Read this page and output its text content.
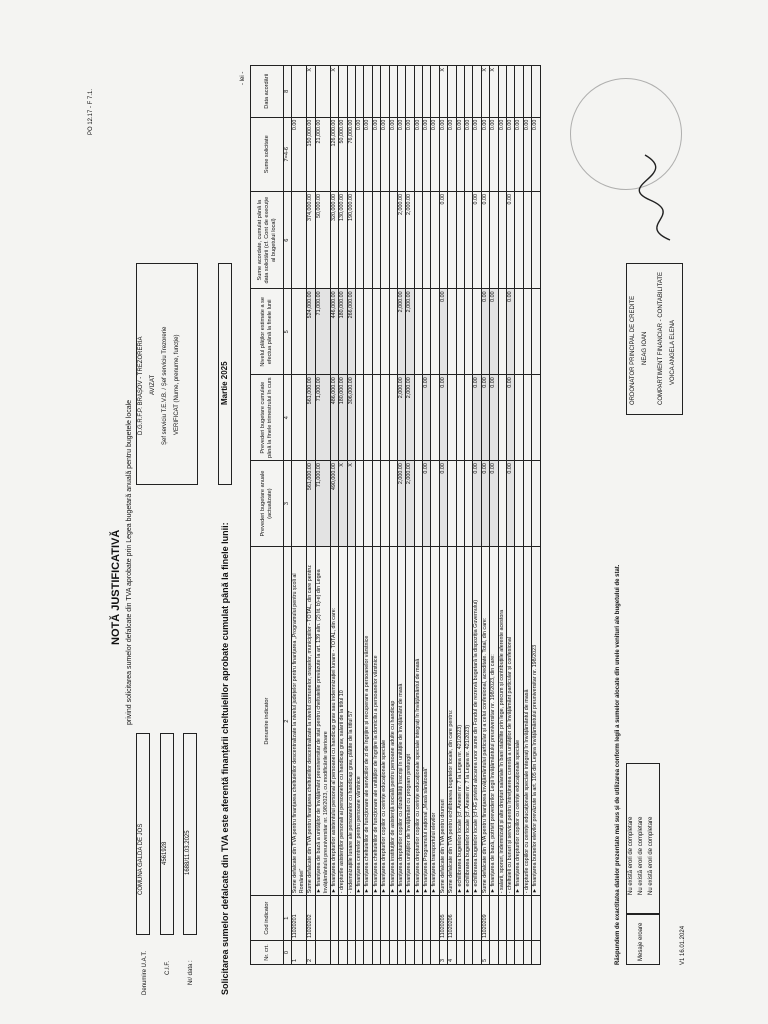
PO 12.17 - F 7.1.
NOTĂ JUSTIFICATIVĂ privind solicitarea sumelor defalcate din TVA aprobate prin Legea bugetară anuală pentru bugetele locale
Denumire U.A.T.
COMUNA GALDA DE JOS
C.I.F.
4561928
Nr/ data :
1688/11.03.2025
D.G.R.F.P. BRAȘOV - TREZORERIA AVIZAT Șef serviciu T.E.V.B. / Șef serviciu Trezorerie VERIFICAT (Nume, prenume, funcție)
Solicitarea sumelor defalcate din TVA este aferentă finanțării cheltuielilor aprobate cumulat până la finele lunii:
Martie 2025
- lei -
Nr. crt.	Cod indicator	Denumire indicator	Prevederi bugetare anuale (actualizate)	Prevederi bugetare cumulate până la finele trimestrului în curs	Nivelul plăților estimate a se efectua până la finele lunii	Sume acordate, cumulat până la data solicitării (cf. Cont de execuție al bugetului local)	Sume solicitate	Data acordării
0	1	2	3	4	5	6	7=4-6	8
1	11020201	Sume defalcate din TVA pentru finanțarea cheltuielilor descentralizate la nivelul județelor pentru finanțarea „Programului pentru școli al României”					0.00	
2	11020202	Sume defalcate din TVA pentru finanțarea cheltuielilor descentralizate la nivelul comunelor, orașelor, municipiilor - TOTAL, din care pentru:	561,000.00	561,000.00	524,000.00	374,000.00	150,000.00	X
		► finanțarea de bază a unităților de învățământ preuniversitar de stat pentru cheltuielile prevăzute la art. 139 alin. (2) lit. b)-e) din Legea învățământului preuniversitar nr. 198/2023, cu modificările ulterioare	71,000.00	71,000.00	71,000.00	50,000.00	21,000.00	
		► finanțarea drepturilor asistentului personal al persoanei cu handicap grav sau indemnizației lunare - TOTAL, din care:	490,000.00	486,000.00	446,000.00	320,000.00	126,000.00	X
		- drepturile asistenților personali ai persoanelor cu handicap grav, salarii de la titlul 10	X	180,000.00	180,000.00	130,000.00	50,000.00	
		- indemnizațiile lunare ale persoanelor cu handicap grav, plătite de la titlul 57	X	306,000.00	266,000.00	190,000.00	76,000.00	
		► finanțarea centrelor pentru persoane vârstnice					0.00	
		► finanțarea cheltuielilor de funcționare ale serviciilor de zi de îngrijire și recuperare a persoanelor vârstnice					0.00	
		► finanțarea cheltuielilor de funcționare ale unităților de îngrijire la domiciliu a persoanelor vârstnice					0.00	
		► finanțarea drepturilor copiilor cu cerințe educaționale speciale					0.00	
		► finanțarea instituțiilor de asistență socială pentru persoane adulte cu handicap					0.00	
		► finanțarea drepturilor copiilor cu dizabilități înscriși în unitățile de învățământ de masă	2,000.00	2,000.00	2,000.00	2,000.00	0.00	
		► finanțarea unităților de învățământ cu program prelungit	2,000.00	2,000.00	2,000.00	2,000.00	0.00	
		► finanțarea drepturilor copiilor cu cerințe educaționale speciale integrați în învățământul de masă					0.00	
		► finanțarea Programului național „Masă sănătoasă”	0.00	0.00			0.00	
		► finanțarea transportului elevilor					0.00	
3	11020205	Sume defalcate din TVA pentru drumuri	0.00	0.00	0.00	0.00	0.00	X
4	11020206	Sume defalcate din TVA pentru echilibrarea bugetelor locale, din care pentru:					0.00	
		► echilibrarea bugetelor locale (cf. Anexei nr. 7 la Legea nr. 421/2023)					0.00	
		► echilibrarea bugetelor locale (cf. Anexei nr. 7 la Legea nr. 421/2023)					0.00	
		► echilibrarea bugetelor locale (cf HG privind alocarea unor sume din Fondul de rezervă bugetară la dispoziția Guvernului)	0.00	0.00		0.00	0.00	
5	11020209	Sume defalcate din TVA pentru finanțarea învățământului particular și a celui confesional, acreditate. Total, din care:	0.00	0.00	0.00	0.00	0.00	X
		► finanțarea de bază, potrivit prevederilor Legii învățământului preuniversitar nr. 198/2023, din care:	0.00	0.00	0.00		0.00	X
		- salarii, sporuri, indemnizații și alte drepturi salariale în bani stabilite prin lege, precum și contribuțiile aferente acestora					0.00	
		- cheltuieli cu bunuri și servicii pentru întreținerea curentă a unităților de învățământ particular și confesional	0.00	0.00	0.00	0.00	0.00	
		► finanțarea drepturilor copiilor cu cerințe educaționale speciale					0.00	
		- drepturile copiilor cu cerințe educaționale speciale integrați în învățământul de masă					0.00	
		► finanțarea burselor elevilor prevăzute la art. 105 din Legea învățământului preuniversitar nr. 198/2023					0.00	
Răspundem de exactitatea datelor prezentate mai sus și de utilizarea conform legii a sumelor alocate din unele venituri ale bugetului de stat.	Mesaje eroare
Nu există erori de completare Nu există erori de completare Nu există erori de completare
V1 16.01.2024
ORDONATOR PRINCIPAL DE CREDITE NEAG IOAN COMPARTIMENT FINANCIAR - CONTABILITATE VOICA ANGELA ELENA
